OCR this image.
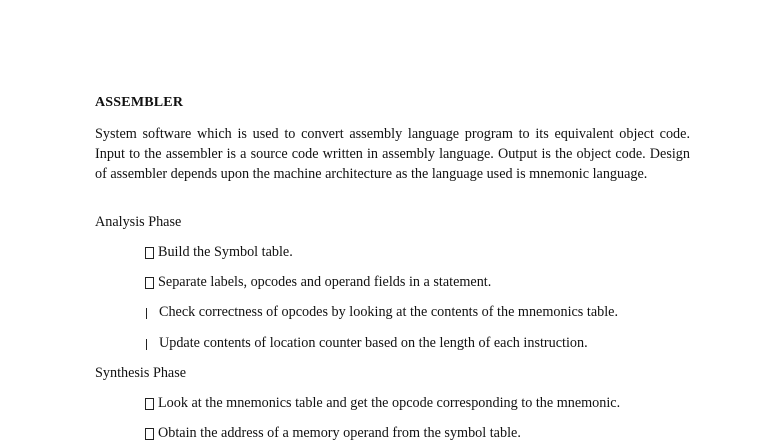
ASSEMBLER
System software which is used to convert assembly language program to its equivalent object code. Input to the assembler is a source code written in assembly language. Output is the object code. Design of assembler depends upon the machine architecture as the language used is mnemonic language.
Analysis Phase
Build the Symbol table.
Separate labels, opcodes and operand fields in a statement.
Check correctness of opcodes by looking at the contents of the mnemonics table.
Update contents of location counter based on the length of each instruction.
Synthesis Phase
Look at the mnemonics table and get the opcode corresponding to the mnemonic.
Obtain the address of a memory operand from the symbol table.
